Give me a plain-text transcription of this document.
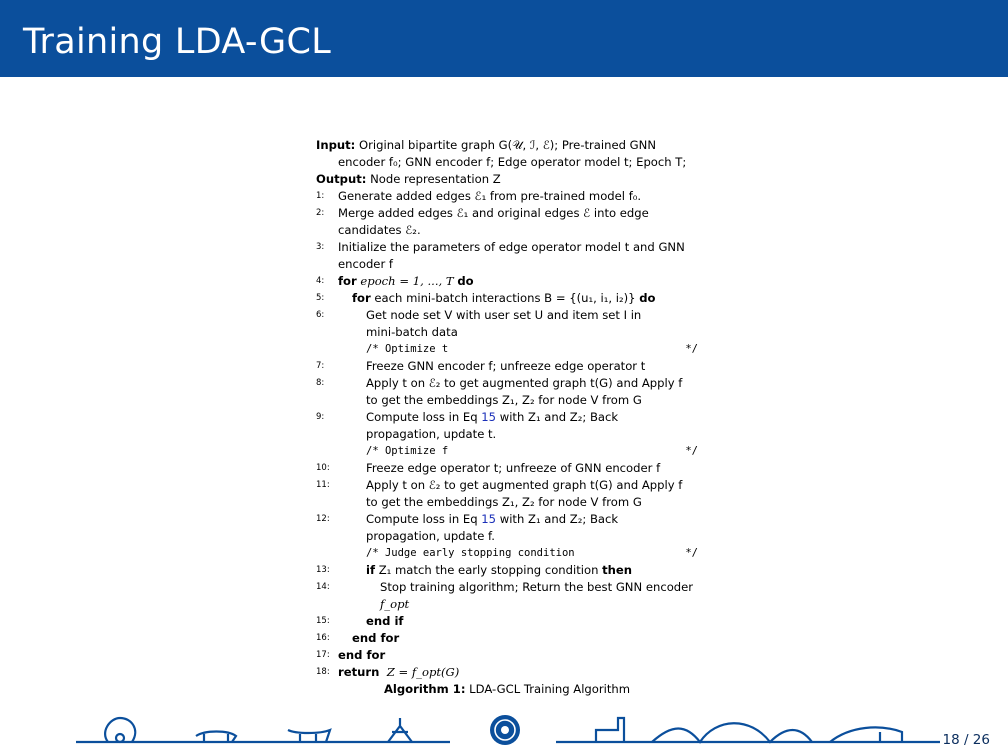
Training LDA-GCL
Input: Original bipartite graph G(𝒰, ℐ, ℰ); Pre-trained GNN
encoder f₀; GNN encoder f; Edge operator model t; Epoch T;
Output: Node representation Z
1:	Generate added edges ℰ₁ from pre-trained model f₀.
2:	Merge added edges ℰ₁ and original edges ℰ into edge
candidates ℰ₂.
3:	Initialize the parameters of edge operator model t and GNN
encoder f
4:	for epoch = 1, ..., T do
5:	for each mini-batch interactions B = {(u₁, i₁, i₂)} do
6:	Get node set V with user set U and item set I in
mini-batch data
/* Optimize t	*/
7:	Freeze GNN encoder f; unfreeze edge operator t
8:	Apply t on ℰ₂ to get augmented graph t(G) and Apply f
to get the embeddings Z₁, Z₂ for node V from G
9:	Compute loss in Eq 15 with Z₁ and Z₂; Back
propagation, update t.
/* Optimize f	*/
10:	Freeze edge operator t; unfreeze of GNN encoder f
11:	Apply t on ℰ₂ to get augmented graph t(G) and Apply f
to get the embeddings Z₁, Z₂ for node V from G
12:	Compute loss in Eq 15 with Z₁ and Z₂; Back
propagation, update f.
/* Judge early stopping condition	*/
13:	if Z₁ match the early stopping condition then
14:	Stop training algorithm; Return the best GNN encoder
f_opt
15:	end if
16:	end for
17: end for
18: return Z = f_opt(G)
Algorithm 1: LDA-GCL Training Algorithm
18 / 26
